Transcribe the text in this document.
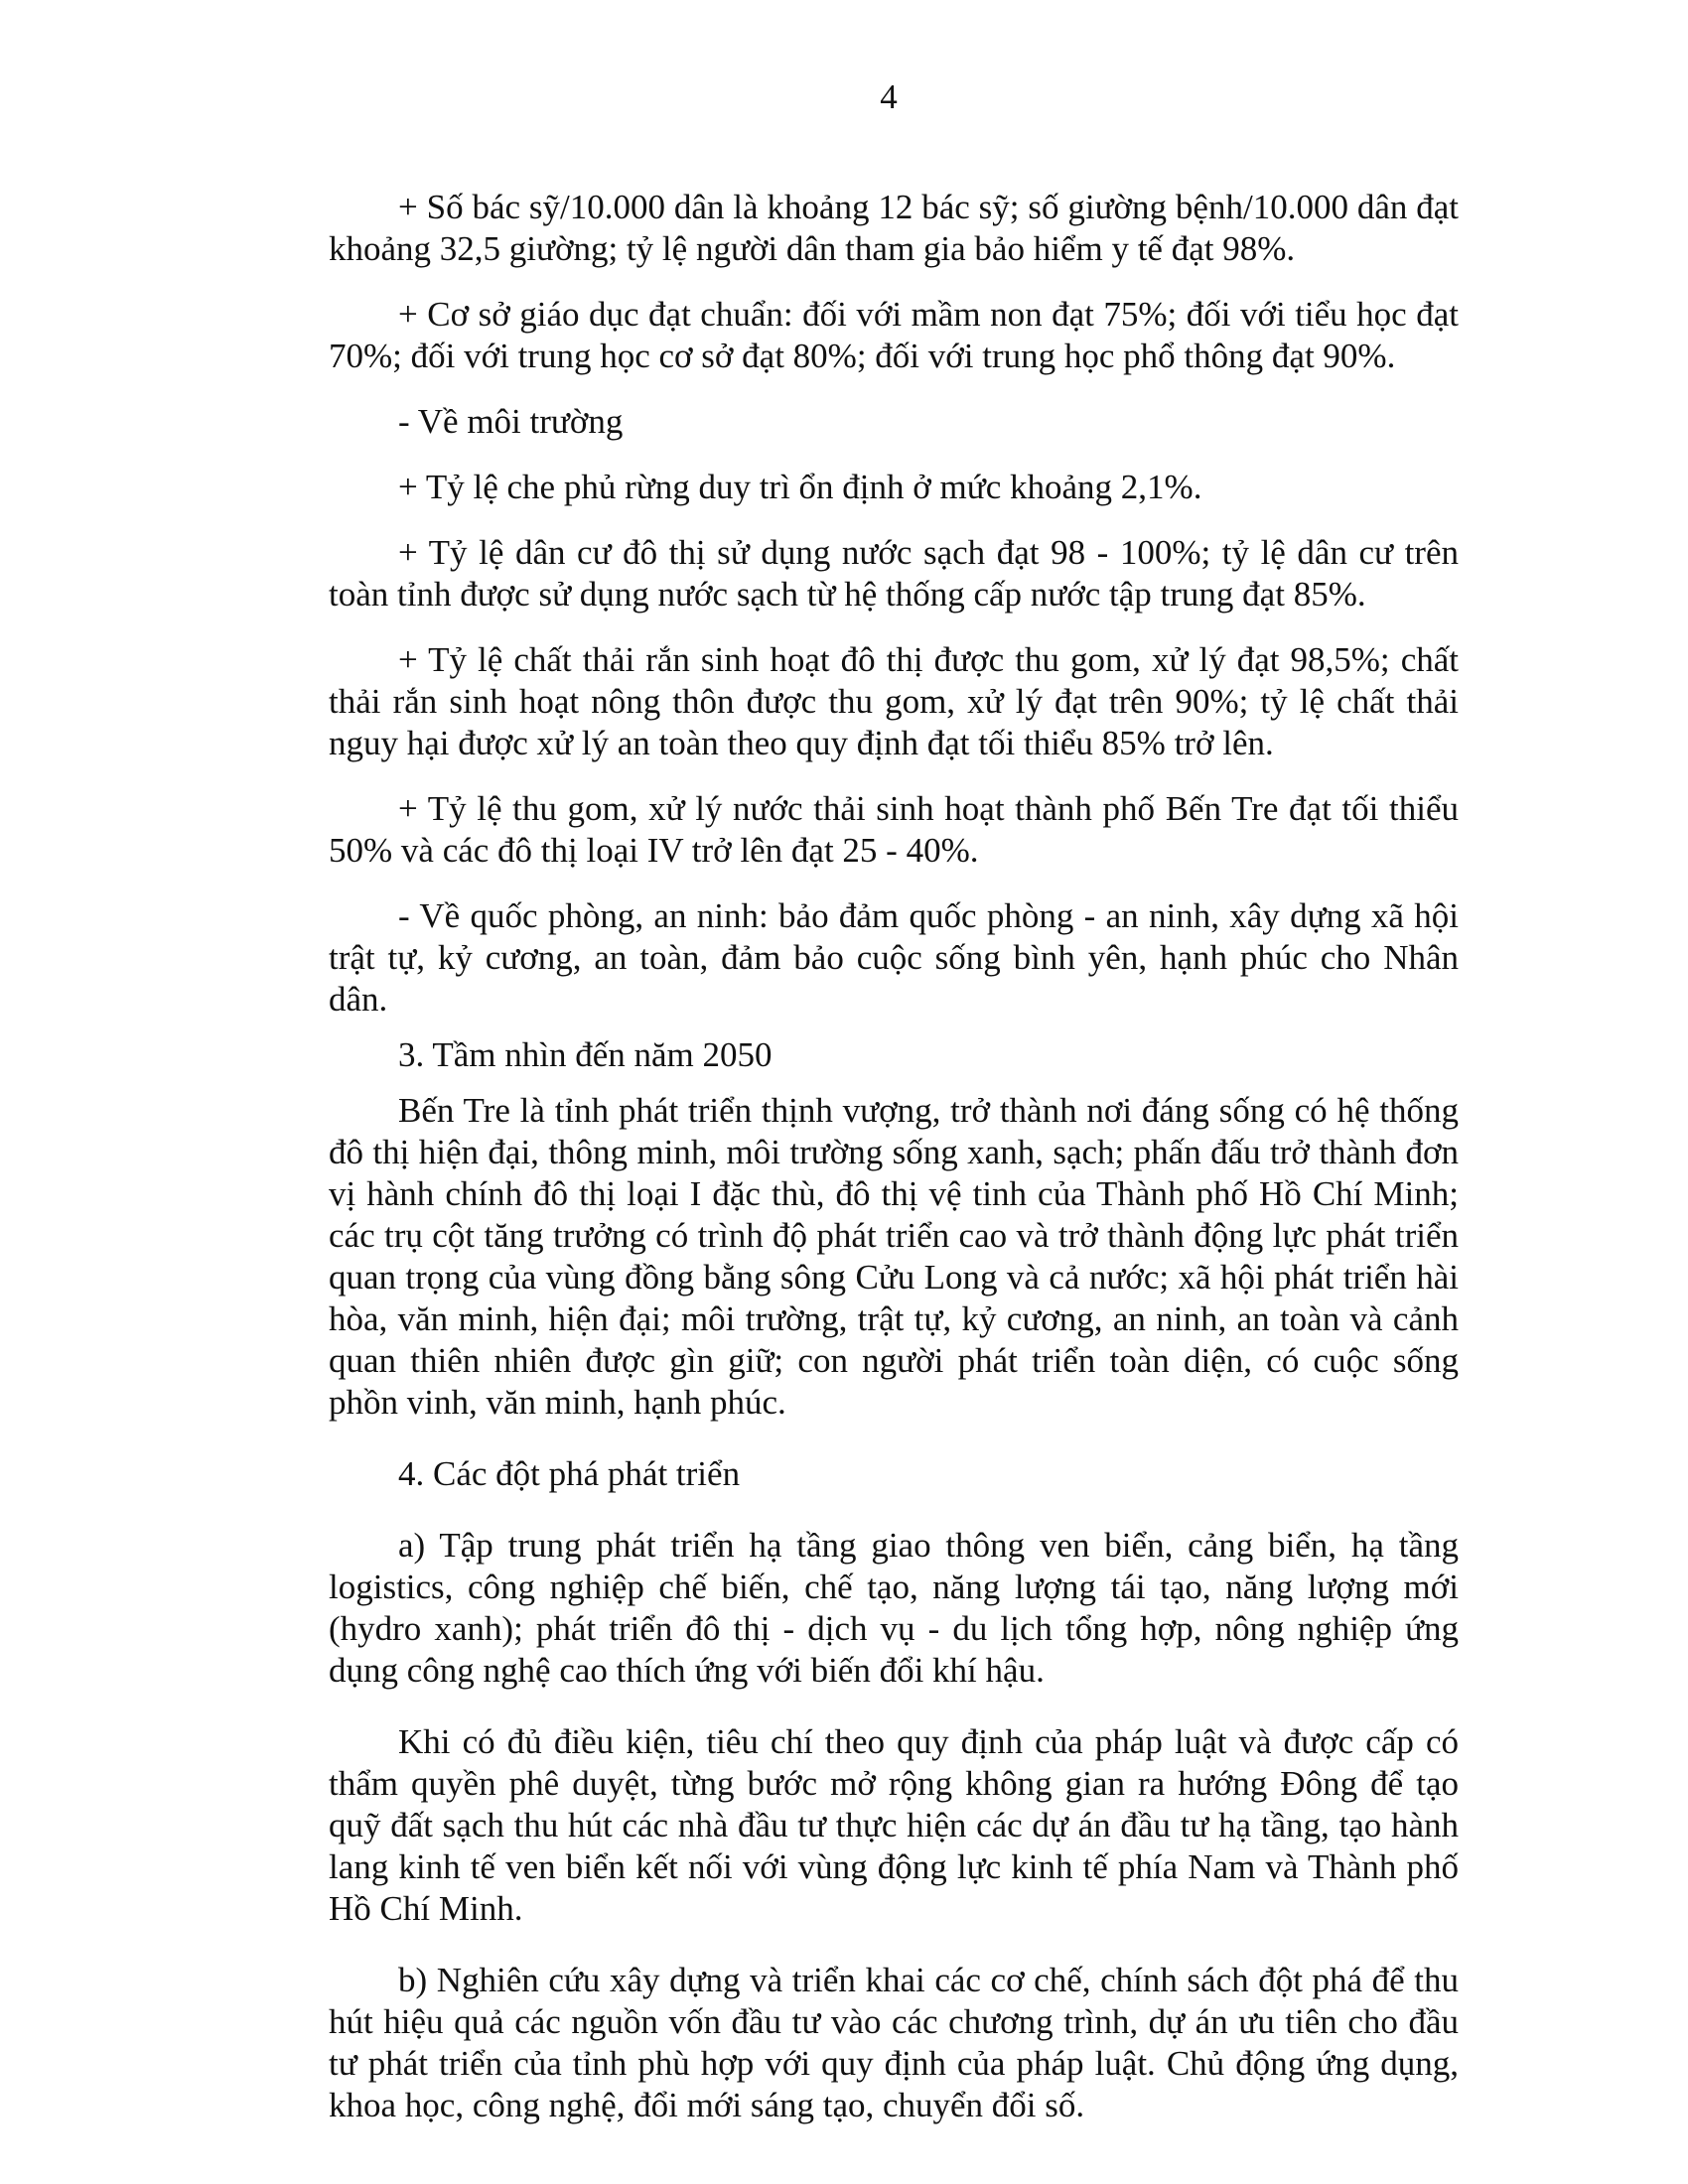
4

+ Số bác sỹ/10.000 dân là khoảng 12 bác sỹ; số giường bệnh/10.000 dân đạt khoảng 32,5 giường; tỷ lệ người dân tham gia bảo hiểm y tế đạt 98%.

+ Cơ sở giáo dục đạt chuẩn: đối với mầm non đạt 75%; đối với tiểu học đạt 70%; đối với trung học cơ sở đạt 80%; đối với trung học phổ thông đạt 90%.

- Về môi trường

+ Tỷ lệ che phủ rừng duy trì ổn định ở mức khoảng 2,1%.

+ Tỷ lệ dân cư đô thị sử dụng nước sạch đạt 98 - 100%; tỷ lệ dân cư trên toàn tỉnh được sử dụng nước sạch từ hệ thống cấp nước tập trung đạt 85%.

+ Tỷ lệ chất thải rắn sinh hoạt đô thị được thu gom, xử lý đạt 98,5%; chất thải rắn sinh hoạt nông thôn được thu gom, xử lý đạt trên 90%; tỷ lệ chất thải nguy hại được xử lý an toàn theo quy định đạt tối thiểu 85% trở lên.

+ Tỷ lệ thu gom, xử lý nước thải sinh hoạt thành phố Bến Tre đạt tối thiểu 50% và các đô thị loại IV trở lên đạt 25 - 40%.

- Về quốc phòng, an ninh: bảo đảm quốc phòng - an ninh, xây dựng xã hội trật tự, kỷ cương, an toàn, đảm bảo cuộc sống bình yên, hạnh phúc cho Nhân dân.

3. Tầm nhìn đến năm 2050

Bến Tre là tỉnh phát triển thịnh vượng, trở thành nơi đáng sống có hệ thống đô thị hiện đại, thông minh, môi trường sống xanh, sạch; phấn đấu trở thành đơn vị hành chính đô thị loại I đặc thù, đô thị vệ tinh của Thành phố Hồ Chí Minh; các trụ cột tăng trưởng có trình độ phát triển cao và trở thành động lực phát triển quan trọng của vùng đồng bằng sông Cửu Long và cả nước; xã hội phát triển hài hòa, văn minh, hiện đại; môi trường, trật tự, kỷ cương, an ninh, an toàn và cảnh quan thiên nhiên được gìn giữ; con người phát triển toàn diện, có cuộc sống phồn vinh, văn minh, hạnh phúc.

4. Các đột phá phát triển

a) Tập trung phát triển hạ tầng giao thông ven biển, cảng biển, hạ tầng logistics, công nghiệp chế biến, chế tạo, năng lượng tái tạo, năng lượng mới (hydro xanh); phát triển đô thị - dịch vụ - du lịch tổng hợp, nông nghiệp ứng dụng công nghệ cao thích ứng với biến đổi khí hậu.

Khi có đủ điều kiện, tiêu chí theo quy định của pháp luật và được cấp có thẩm quyền phê duyệt, từng bước mở rộng không gian ra hướng Đông để tạo quỹ đất sạch thu hút các nhà đầu tư thực hiện các dự án đầu tư hạ tầng, tạo hành lang kinh tế ven biển kết nối với vùng động lực kinh tế phía Nam và Thành phố Hồ Chí Minh.

b) Nghiên cứu xây dựng và triển khai các cơ chế, chính sách đột phá để thu hút hiệu quả các nguồn vốn đầu tư vào các chương trình, dự án ưu tiên cho đầu tư phát triển của tỉnh phù hợp với quy định của pháp luật. Chủ động ứng dụng, khoa học, công nghệ, đổi mới sáng tạo, chuyển đổi số.
